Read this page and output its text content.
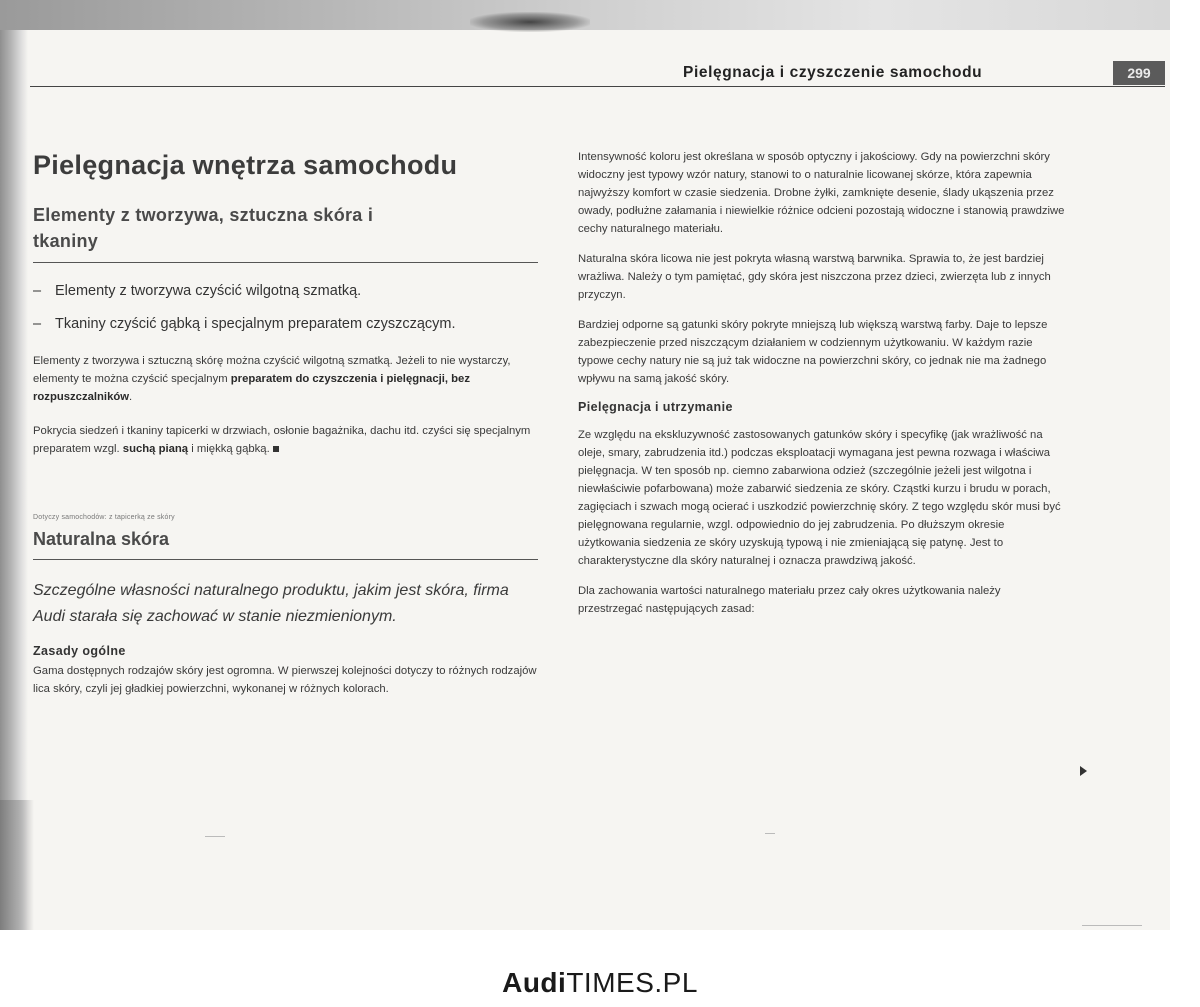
Pielęgnacja i czyszczenie samochodu	299
Pielęgnacja wnętrza samochodu
Elementy z tworzywa, sztuczna skóra i
tkaniny
– Elementy z tworzywa czyścić wilgotną szmatką.
– Tkaniny czyścić gąbką i specjalnym preparatem czyszczącym.

Elementy z tworzywa i sztuczną skórę można czyścić wilgotną szmatką. Jeżeli to nie wystarczy, elementy te można czyścić specjalnym preparatem do czyszczenia i pielęgnacji, bez rozpuszczalników.

Pokrycia siedzeń i tkaniny tapicerki w drzwiach, osłonie bagażnika, dachu itd. czyści się specjalnym preparatem wzgl. suchą pianą i miękką gąbką.

Dotyczy samochodów: z tapicerką ze skóry
Naturalna skóra
Szczególne własności naturalnego produktu, jakim jest skóra, firma Audi starała się zachować w stanie niezmienionym.
Zasady ogólne

Gama dostępnych rodzajów skóry jest ogromna. W pierwszej kolejności dotyczy to różnych rodzajów lica skóry, czyli jej gładkiej powierzchni, wykonanej w różnych kolorach.

Intensywność koloru jest określana w sposób optyczny i jakościowy. Gdy na powierzchni skóry widoczny jest typowy wzór natury, stanowi to o naturalnie licowanej skórze, która zapewnia najwyższy komfort w czasie siedzenia. Drobne żyłki, zamknięte desenie, ślady ukąszenia przez owady, podłużne załamania i niewielkie różnice odcieni pozostają widoczne i stanowią prawdziwe cechy naturalnego materiału.

Naturalna skóra licowa nie jest pokryta własną warstwą barwnika. Sprawia to, że jest bardziej wrażliwa. Należy o tym pamiętać, gdy skóra jest niszczona przez dzieci, zwierzęta lub z innych przyczyn.

Bardziej odporne są gatunki skóry pokryte mniejszą lub większą warstwą farby. Daje to lepsze zabezpieczenie przed niszczącym działaniem w codziennym użytkowaniu. W każdym razie typowe cechy natury nie są już tak widoczne na powierzchni skóry, co jednak nie ma żadnego wpływu na samą jakość skóry.

Pielęgnacja i utrzymanie

Ze względu na ekskluzywność zastosowanych gatunków skóry i specyfikę (jak wrażliwość na oleje, smary, zabrudzenia itd.) podczas eksploatacji wymagana jest pewna rozwaga i właściwa pielęgnacja. W ten sposób np. ciemno zabarwiona odzież (szczególnie jeżeli jest wilgotna i niewłaściwie pofarbowana) może zabarwić siedzenia ze skóry. Cząstki kurzu i brudu w porach, zagięciach i szwach mogą ocierać i uszkodzić powierzchnię skóry. Z tego względu skór musi być pielęgnowana regularnie, wzgl. odpowiednio do jej zabrudzenia. Po dłuższym okresie użytkowania siedzenia ze skóry uzyskują typową i nie zmieniającą się patynę. Jest to charakterystyczne dla skóry naturalnej i oznacza prawdziwą jakość.

Dla zachowania wartości naturalnego materiału przez cały okres użytkowania należy przestrzegać następujących zasad:

AudiTIMES.PL
